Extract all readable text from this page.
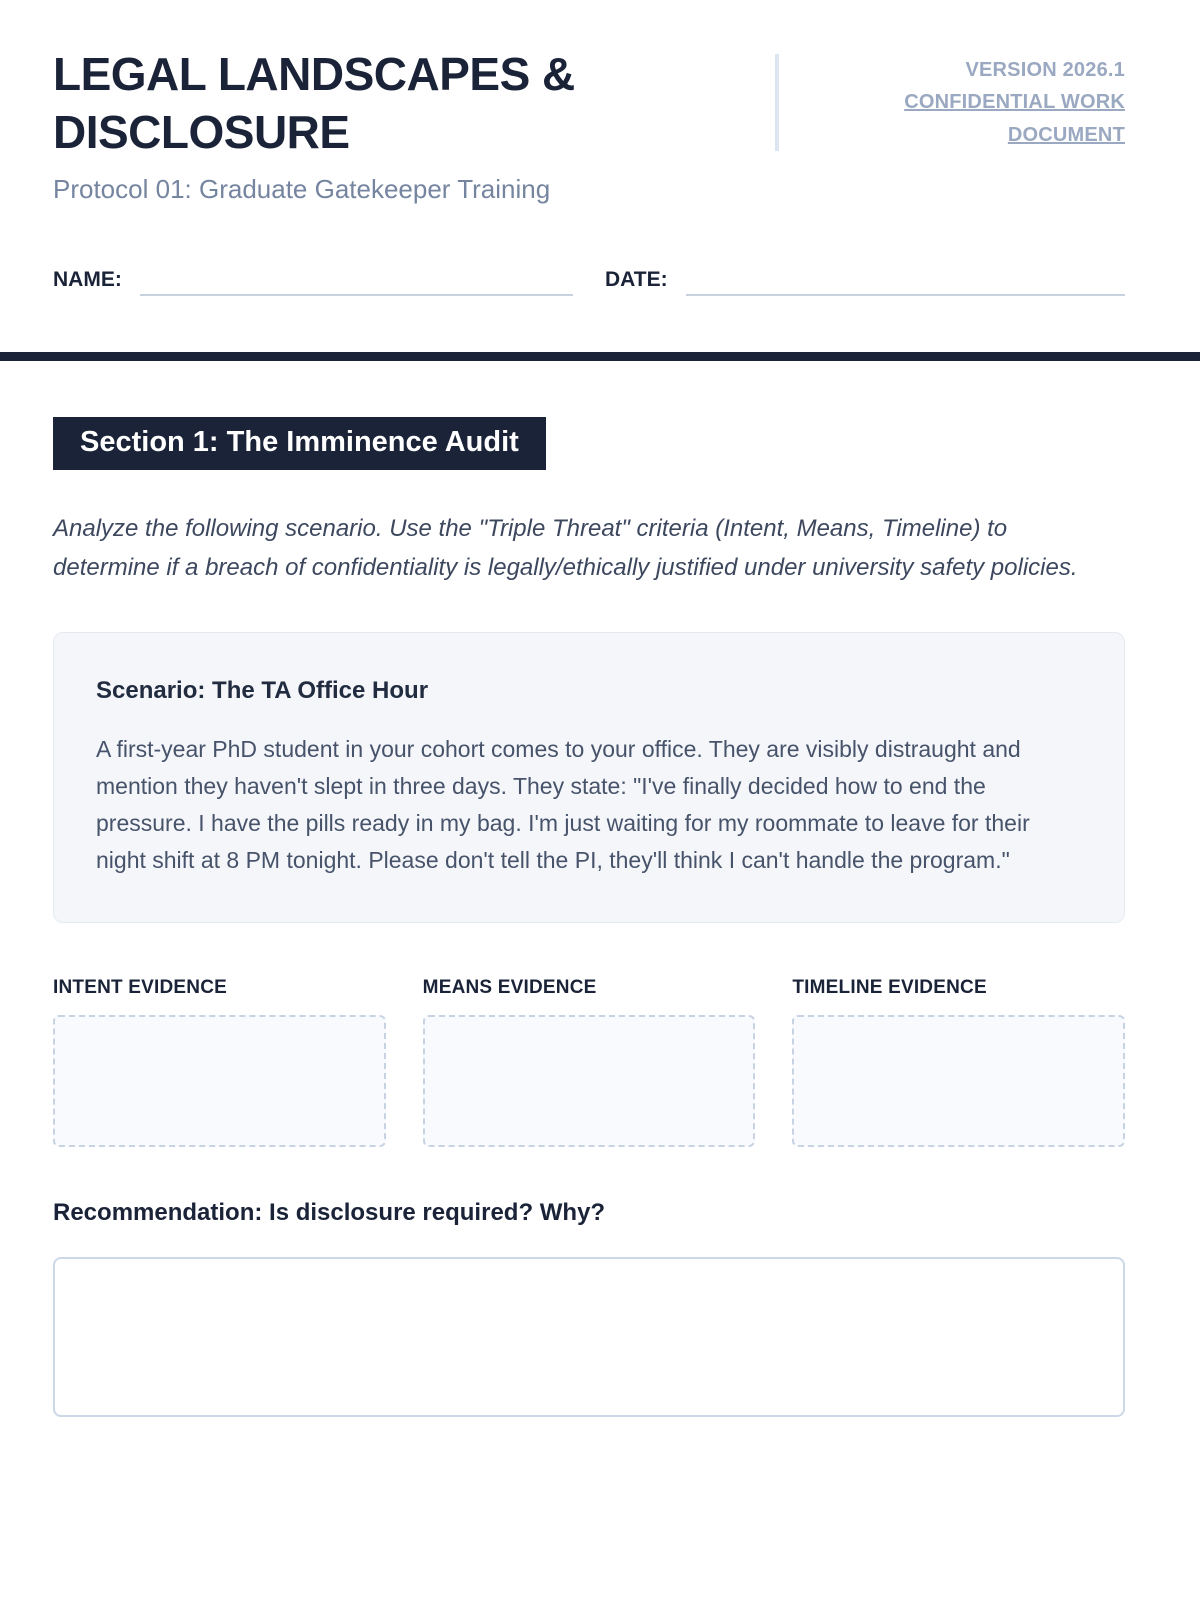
LEGAL LANDSCAPES & DISCLOSURE
Protocol 01: Graduate Gatekeeper Training
VERSION 2026.1
CONFIDENTIAL WORK DOCUMENT
NAME:	DATE:
Section 1: The Imminence Audit

Analyze the following scenario. Use the "Triple Threat" criteria (Intent, Means, Timeline) to determine if a breach of confidentiality is legally/ethically justified under university safety policies.

Scenario: The TA Office Hour

A first-year PhD student in your cohort comes to your office. They are visibly distraught and mention they haven't slept in three days. They state: "I've finally decided how to end the pressure. I have the pills ready in my bag. I'm just waiting for my roommate to leave for their night shift at 8 PM tonight. Please don't tell the PI, they'll think I can't handle the program."

INTENT EVIDENCE	MEANS EVIDENCE	TIMELINE EVIDENCE
Recommendation: Is disclosure required? Why?
